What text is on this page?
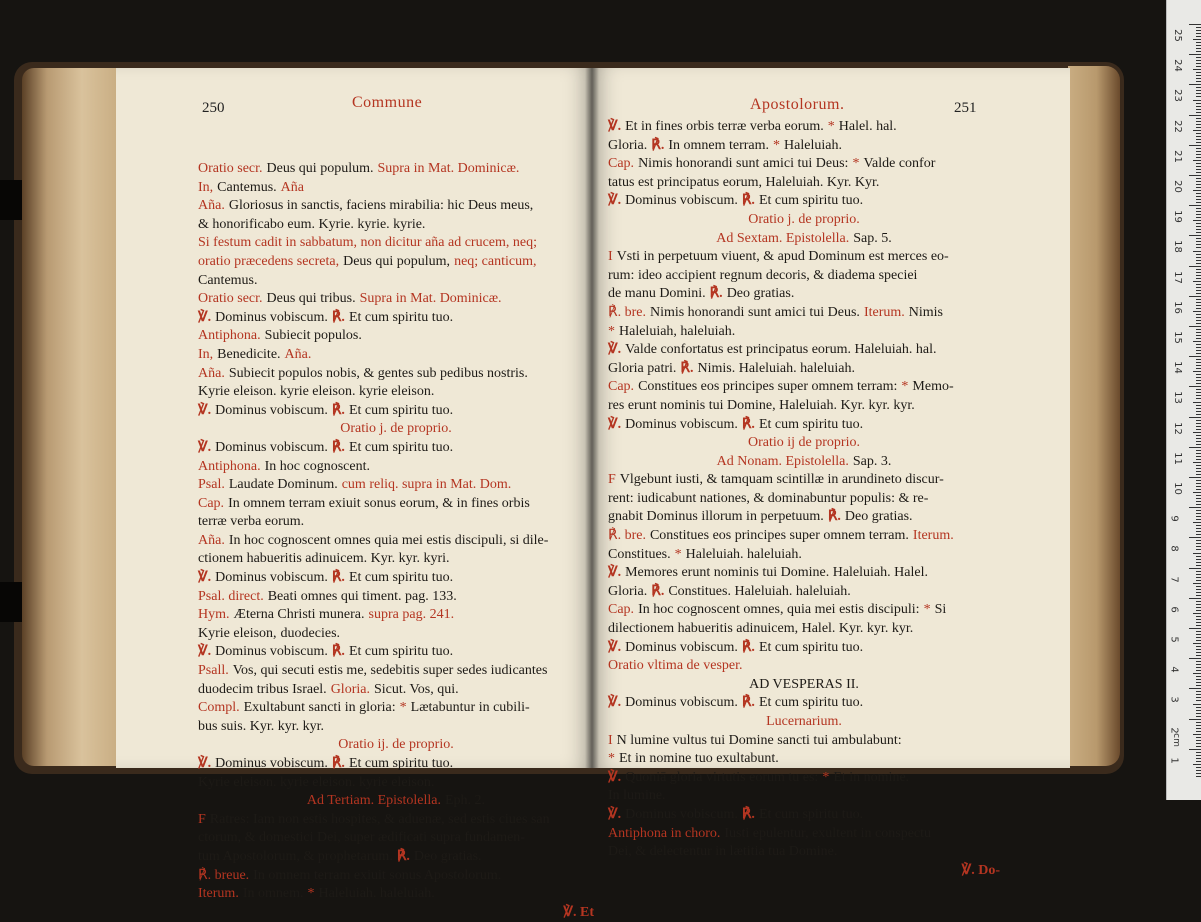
250	Commune
Oratio secr. Deus qui populum. Supra in Mat. Dominicæ.
In, Cantemus. Aña
Aña. Gloriosus in sanctis, faciens mirabilia: hic Deus meus,
& honorificabo eum. Kyrie. kyrie. kyrie.
Si festum cadit in sabbatum, non dicitur aña ad crucem, neq;
oratio præcedens secreta, Deus qui populum, neq; canticum,
Cantemus.
Oratio secr. Deus qui tribus. Supra in Mat. Dominicæ.
℣. Dominus vobiscum. ℟. Et cum spiritu tuo.
Antiphona. Subiecit populos.
In, Benedicite. Aña.
Aña. Subiecit populos nobis, & gentes sub pedibus nostris.
Kyrie eleison. kyrie eleison. kyrie eleison.
℣. Dominus vobiscum. ℟. Et cum spiritu tuo.
Oratio j. de proprio.
℣. Dominus vobiscum. ℟. Et cum spiritu tuo.
Antiphona. In hoc cognoscent.
Psal. Laudate Dominum. cum reliq. supra in Mat. Dom.
Cap. In omnem terram exiuit sonus eorum, & in fines orbis
terræ verba eorum.
Aña. In hoc cognoscent omnes quia mei estis discipuli, si dile-
ctionem habueritis adinuicem. Kyr. kyr. kyri.
℣. Dominus vobiscum. ℟. Et cum spiritu tuo.
Psal. direct. Beati omnes qui timent. pag. 133.
Hym. Æterna Christi munera. supra pag. 241.
Kyrie eleison, duodecies.
℣. Dominus vobiscum. ℟. Et cum spiritu tuo.
Psall. Vos, qui secuti estis me, sedebitis super sedes iudicantes
duodecim tribus Israel. Gloria. Sicut. Vos, qui.
Compl. Exultabunt sancti in gloria: * Lætabuntur in cubili-
bus suis. Kyr. kyr. kyr.
Oratio ij. de proprio.
℣. Dominus vobiscum. ℟. Et cum spiritu tuo.
Kyrie eleison. kyrie eleison. kyrie eleison.
Ad Tertiam. Epistolella. Eph. 2.
F Ratres: Iam non estis hospites, & aduenæ, sed estis ciues san
ctorum, & domestici Dei, super ædificati supra fundamen-
tum Apostolorum, & prophetarum. ℟. Deo gratias.
℟. breue. In omnem terram exiuit sonus Apostolorum.
Iterum. In omnem. * Haleluiah. haleluiah.
℣. Et
Apostolorum.	251
℣. Et in fines orbis terræ verba eorum. * Halel. hal.
Gloria. ℟. In omnem terram. * Haleluiah.
Cap. Nimis honorandi sunt amici tui Deus: * Valde confor
tatus est principatus eorum, Haleluiah. Kyr. Kyr.
℣. Dominus vobiscum. ℟. Et cum spiritu tuo.
Oratio j. de proprio.
Ad Sextam. Epistolella. Sap. 5.
I Vsti in perpetuum viuent, & apud Dominum est merces eo-
rum: ideo accipient regnum decoris, & diadema speciei
de manu Domini. ℟. Deo gratias.
℟. bre. Nimis honorandi sunt amici tui Deus. Iterum. Nimis
* Haleluiah, haleluiah.
℣. Valde confortatus est principatus eorum. Haleluiah. hal.
Gloria patri. ℟. Nimis. Haleluiah. haleluiah.
Cap. Constitues eos principes super omnem terram: * Memo-
res erunt nominis tui Domine, Haleluiah. Kyr. kyr. kyr.
℣. Dominus vobiscum. ℟. Et cum spiritu tuo.
Oratio ij de proprio.
Ad Nonam. Epistolella. Sap. 3.
F Vlgebunt iusti, & tamquam scintillæ in arundineto discur-
rent: iudicabunt nationes, & dominabuntur populis: & re-
gnabit Dominus illorum in perpetuum. ℟. Deo gratias.
℟. bre. Constitues eos principes super omnem terram. Iterum.
Constitues. * Haleluiah. haleluiah.
℣. Memores erunt nominis tui Domine. Haleluiah. Halel.
Gloria. ℟. Constitues. Haleluiah. haleluiah.
Cap. In hoc cognoscent omnes, quia mei estis discipuli: * Si
dilectionem habueritis adinuicem, Halel. Kyr. kyr. kyr.
℣. Dominus vobiscum. ℟. Et cum spiritu tuo.
Oratio vltima de vesper.
AD VESPERAS II.
℣. Dominus vobiscum. ℟. Et cum spiritu tuo.
Lucernarium.
I N lumine vultus tui Domine sancti tui ambulabunt:
* Et in nomine tuo exultabunt.
℣. Quoniā gloria virtutis eorum tu es: * Et in nomine.
In lumine.
℣. Dominus vobiscum. ℟. Et cum spiritu tuo.
Antiphona in choro. Iusti epulentur, exultent in conspectu
Dei, & delectentur in lætitia tua Domine.
℣. Do-
cm
25
24
23
22
21
20
19
18
17
16
15
14
13
12
11
10
9
8
7
6
5
4
3
2
1
